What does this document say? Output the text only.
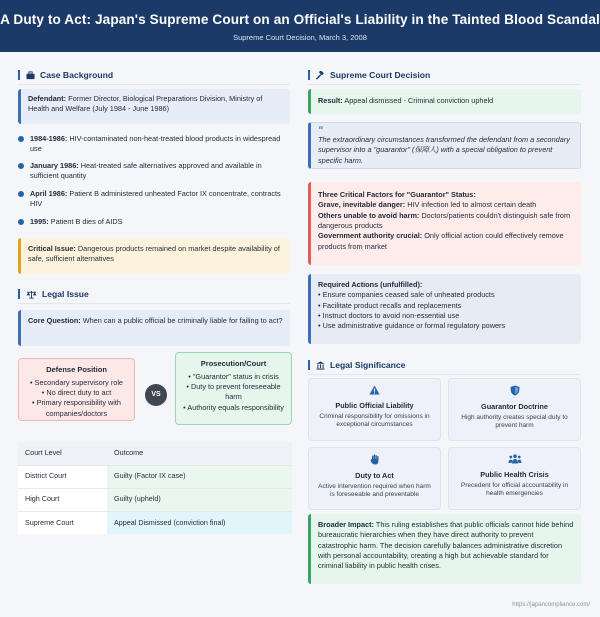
A Duty to Act: Japan's Supreme Court on an Official's Liability in the Tainted Blood Scandal
Supreme Court Decision, March 3, 2008
Case Background
Defendant: Former Director, Biological Preparations Division, Ministry of Health and Welfare (July 1984 - June 1986)
1984-1986: HIV-contaminated non-heat-treated blood products in widespread use
January 1986: Heat-treated safe alternatives approved and available in sufficient quantity
April 1986: Patient B administered unheated Factor IX concentrate, contracts HIV
1995: Patient B dies of AIDS
Critical Issue: Dangerous products remained on market despite availability of safe, sufficient alternatives
Legal Issue
Core Question: When can a public official be criminally liable for failing to act?
Defense Position
• Secondary supervisory role
• No direct duty to act
• Primary responsibility with companies/doctors
VS
Prosecution/Court
• "Guarantor" status in crisis
• Duty to prevent foreseeable harm
• Authority equals responsibility
Court Level	Outcome
District Court	Guilty (Factor IX case)
High Court	Guilty (upheld)
Supreme Court	Appeal Dismissed (conviction final)
Supreme Court Decision
Result: Appeal dismissed - Criminal conviction upheld
“
The extraordinary circumstances transformed the defendant from a secondary supervisor into a "guarantor" (保障人) with a special obligation to prevent specific harm.
Three Critical Factors for "Guarantor" Status:
Grave, inevitable danger: HIV infection led to almost certain death
Others unable to avoid harm: Doctors/patients couldn't distinguish safe from dangerous products
Government authority crucial: Only official action could effectively remove products from market
Required Actions (unfulfilled):
• Ensure companies ceased sale of unheated products
• Facilitate product recalls and replacements
• Instruct doctors to avoid non-essential use
• Use administrative guidance or formal regulatory powers
Legal Significance
Public Official Liability
Criminal responsibility for omissions in exceptional circumstances
Guarantor Doctrine
High authority creates special duty to prevent harm
Duty to Act
Active intervention required when harm is foreseeable and preventable
Public Health Crisis
Precedent for official accountability in health emergencies
Broader Impact: This ruling establishes that public officials cannot hide behind bureaucratic hierarchies when they have direct authority to prevent catastrophic harm. The decision carefully balances administrative discretion with personal accountability, creating a high but achievable standard for criminal liability in public health crises.
https://japancompliance.com/
